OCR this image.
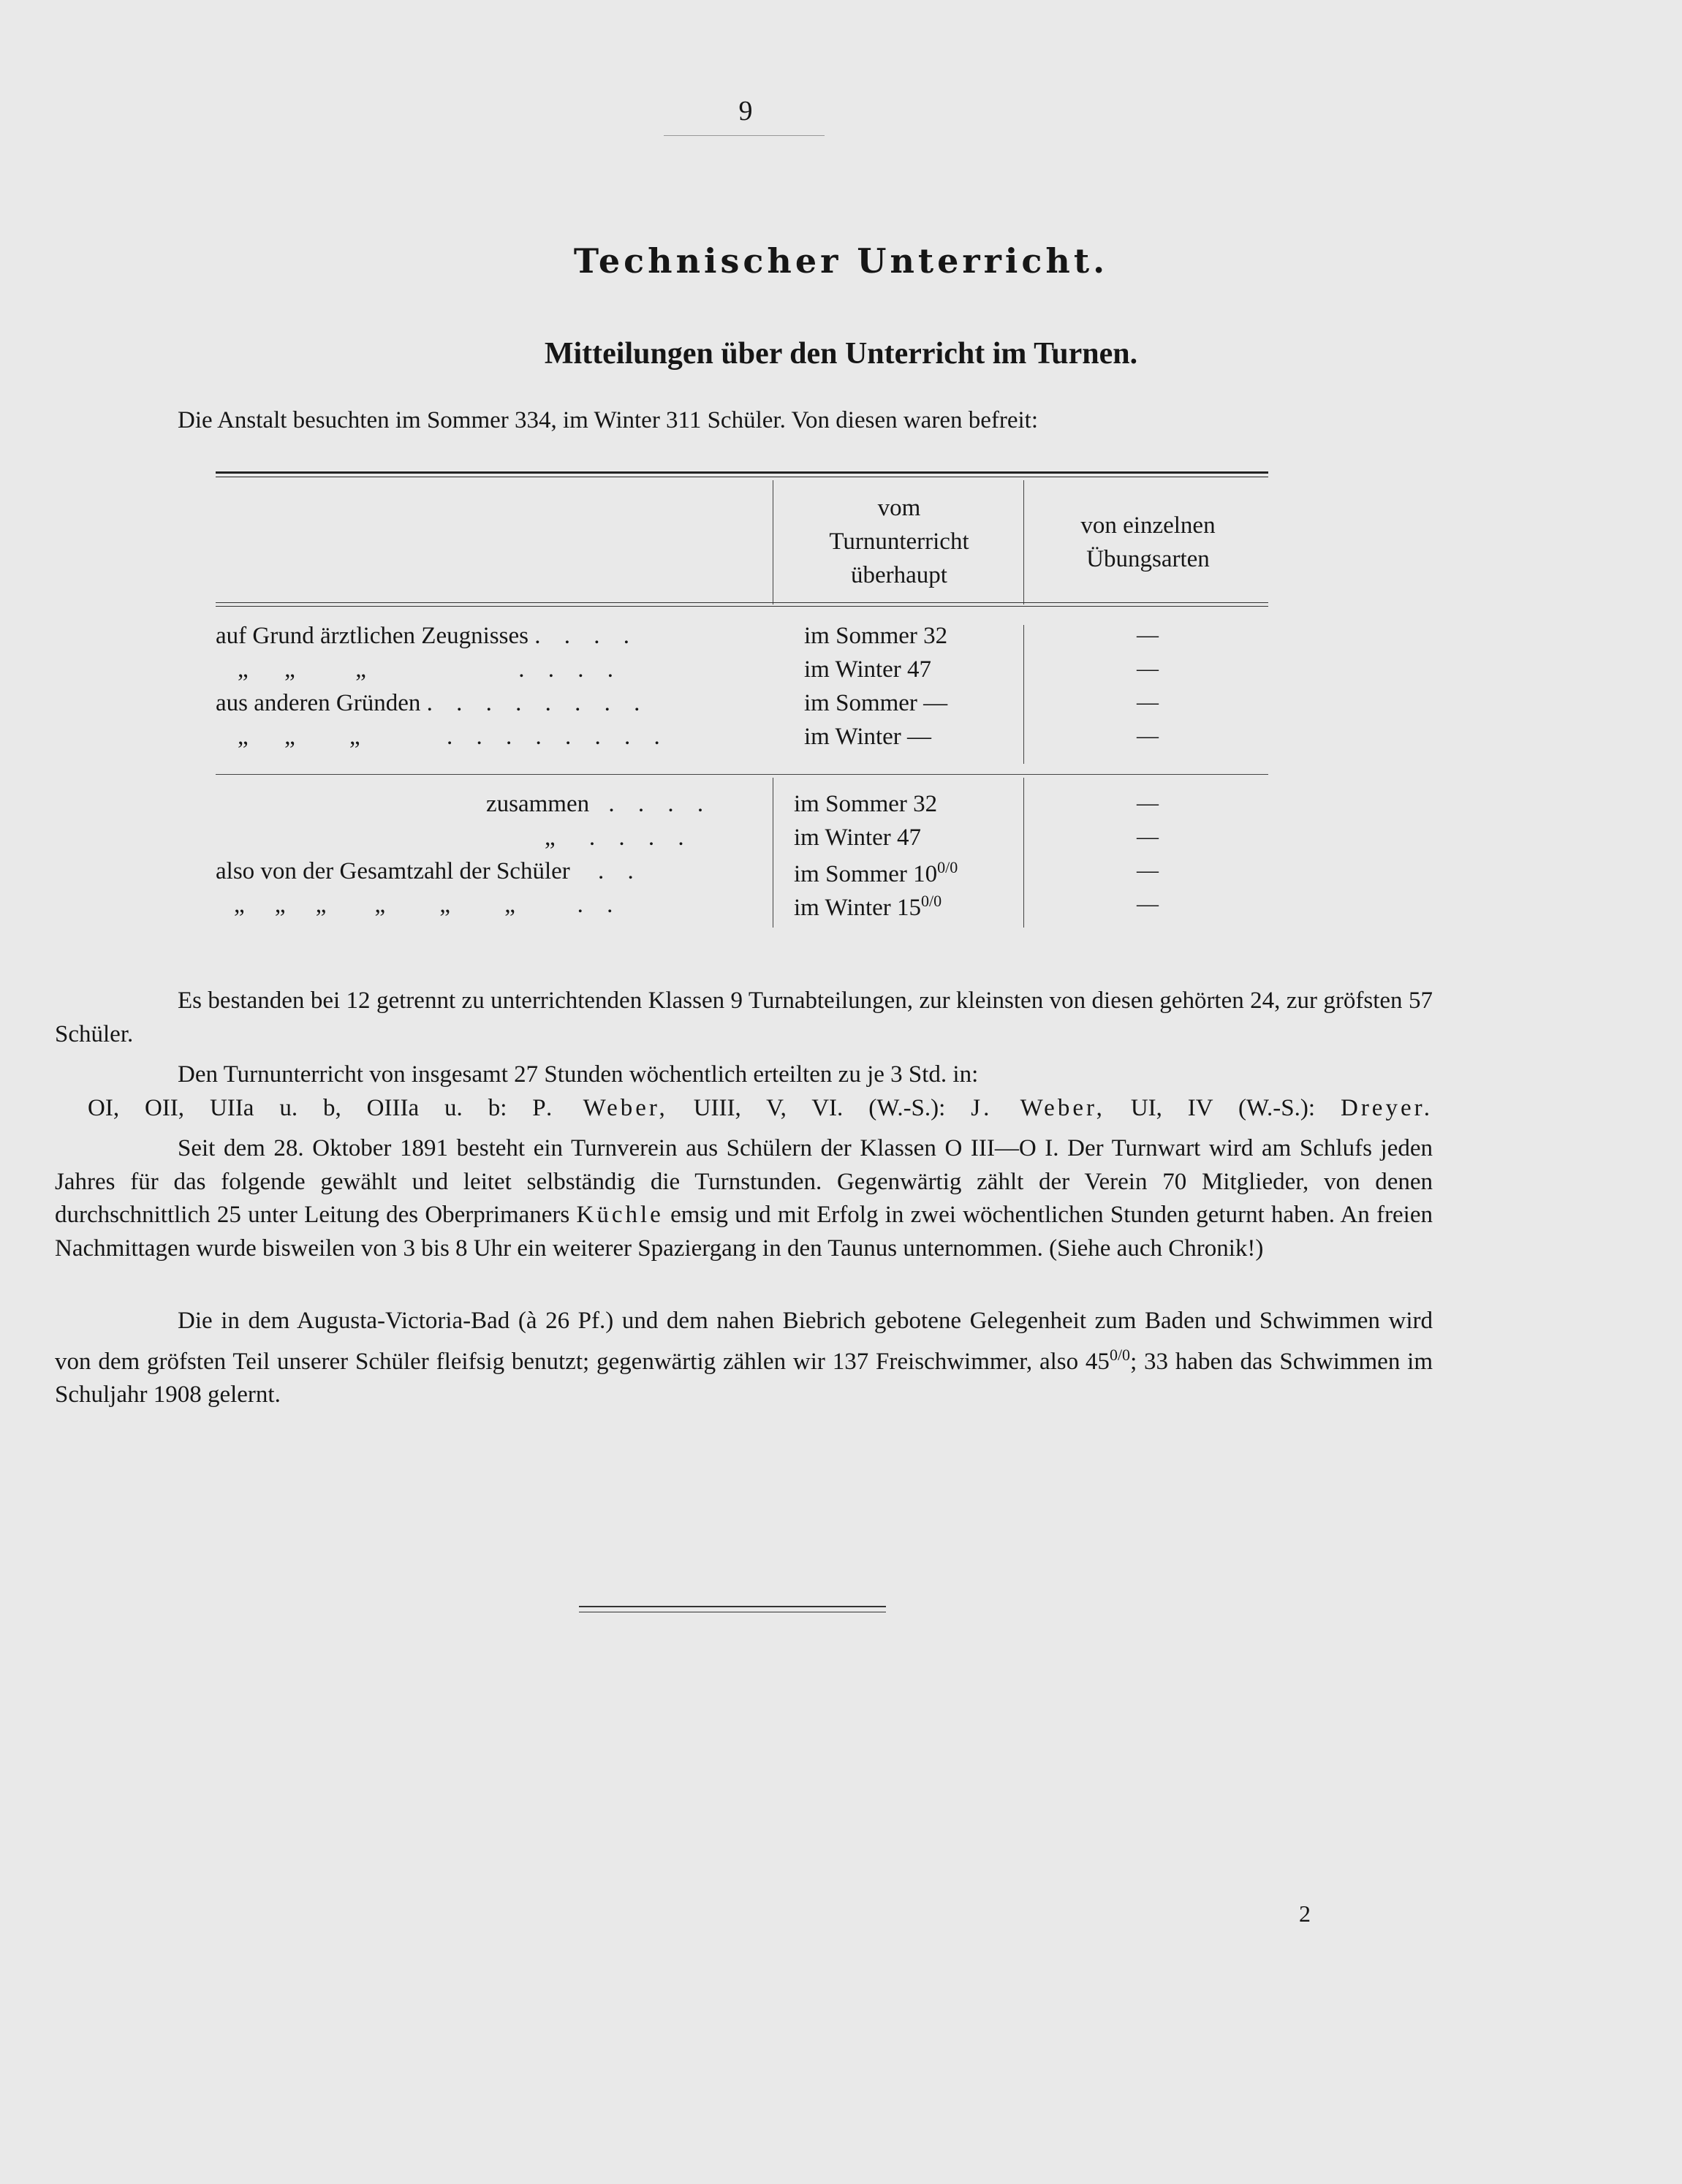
9
Technischer Unterricht.
Mitteilungen über den Unterricht im Turnen.
Die Anstalt besuchten im Sommer 334, im Winter 311 Schüler. Von diesen waren befreit:
vom
Turnunterricht
überhaupt
von einzelnen
Übungsarten
auf Grund ärztlichen Zeugnisses . . . .	im Sommer 32	—
„      „          „	. . . .	im Winter 47	—
aus anderen Gründen . . . . . . . .	im Sommer —	—
„      „         „	. . . . . . . .	im Winter —	—
zusammen . . . .	im Sommer 32	—
„ . . . .	im Winter 47	—
also von der Gesamtzahl der Schüler . .	im Sommer $10^{0/0}$	—
„     „     „        „         „         „	. .	im Winter $15^{0/0}$	—
Es bestanden bei 12 getrennt zu unterrichtenden Klassen 9 Turnabteilungen, zur kleinsten von diesen gehörten 24, zur gröfsten 57 Schüler.
Den Turnunterricht von insgesamt 27 Stunden wöchentlich erteilten zu je 3 Std. in:
OI, OII, UIIa u. b, OIIIa u. b: P. Weber, UIII, V, VI. (W.-S.): J. Weber, UI, IV (W.-S.): Dreyer.
Seit dem 28. Oktober 1891 besteht ein Turnverein aus Schülern der Klassen O III—O I. Der Turnwart wird am Schlufs jeden Jahres für das folgende gewählt und leitet selbständig die Turnstunden. Gegenwärtig zählt der Verein 70 Mitglieder, von denen durchschnittlich 25 unter Leitung des Oberprimaners Küchle emsig und mit Erfolg in zwei wöchentlichen Stunden geturnt haben. An freien Nachmittagen wurde bisweilen von 3 bis 8 Uhr ein weiterer Spaziergang in den Taunus unternommen. (Siehe auch Chronik!)
Die in dem Augusta-Victoria-Bad (à 26 Pf.) und dem nahen Biebrich gebotene Gelegenheit zum Baden und Schwimmen wird von dem gröfsten Teil unserer Schüler fleifsig benutzt; gegenwärtig zählen wir 137 Freischwimmer, also $45^{0/0}$; 33 haben das Schwimmen im Schuljahr 1908 gelernt.
2
